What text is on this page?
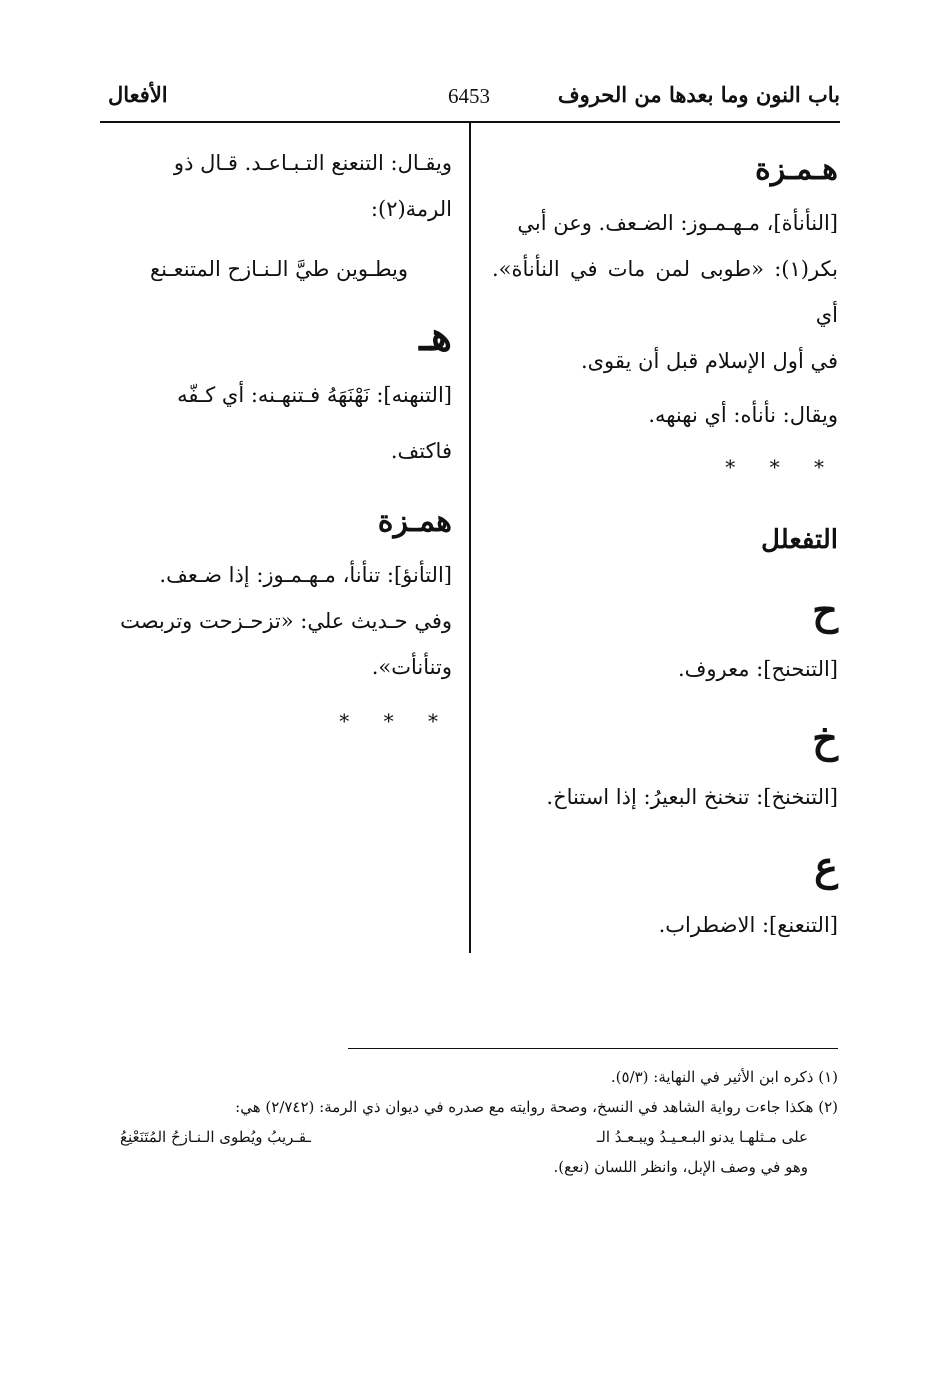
باب النون وما بعدها من الحروف
6453
الأفعال

هـمـزة

[النأنأة]، مـهـمـوز: الضـعف. وعن أبي

بكر(١): «طوبى لمن مات في النأنأة». أي

في أول الإسلام قبل أن يقوى.

ويقال: نأنأه: أي نهنهه.

* * *

التفعلل

ح

[التنحنح]: معروف.

خ

[التنخنخ]: تنخنخ البعيرُ: إذا استناخ.

ع

[التنعنع]: الاضطراب.

ويقـال: التنعنع التـبـاعـد. قـال ذو

الرمة(٢):

ويطـوين طيَّ الـنـازح المتنعـنع

هـ

[التنهنه]: نَهْنَهَهُ فـتنهـنه: أي كـفّه

فاكتف.

همـزة

[التأنؤ]: تنأنأ، مـهـمـوز: إذا ضـعف.

وفي حـديث علي: «تزحـزحت وتربصت

وتنأنأت».

* * *

(١) ذكره ابن الأثير في النهاية: (٥/٣).
(٢) هكذا جاءت رواية الشاهد في النسخ، وصحة روايته مع صدره في ديوان ذي الرمة: (٢/٧٤٢) هي:
على مـثلهـا يدنو البـعـيـدُ ويبـعـدُ الـ
ـقـريبُ ويُطوى الـنـازحُ المُتَنَعْنِعُ
وهو في وصف الإبل، وانظر اللسان (نعع).
